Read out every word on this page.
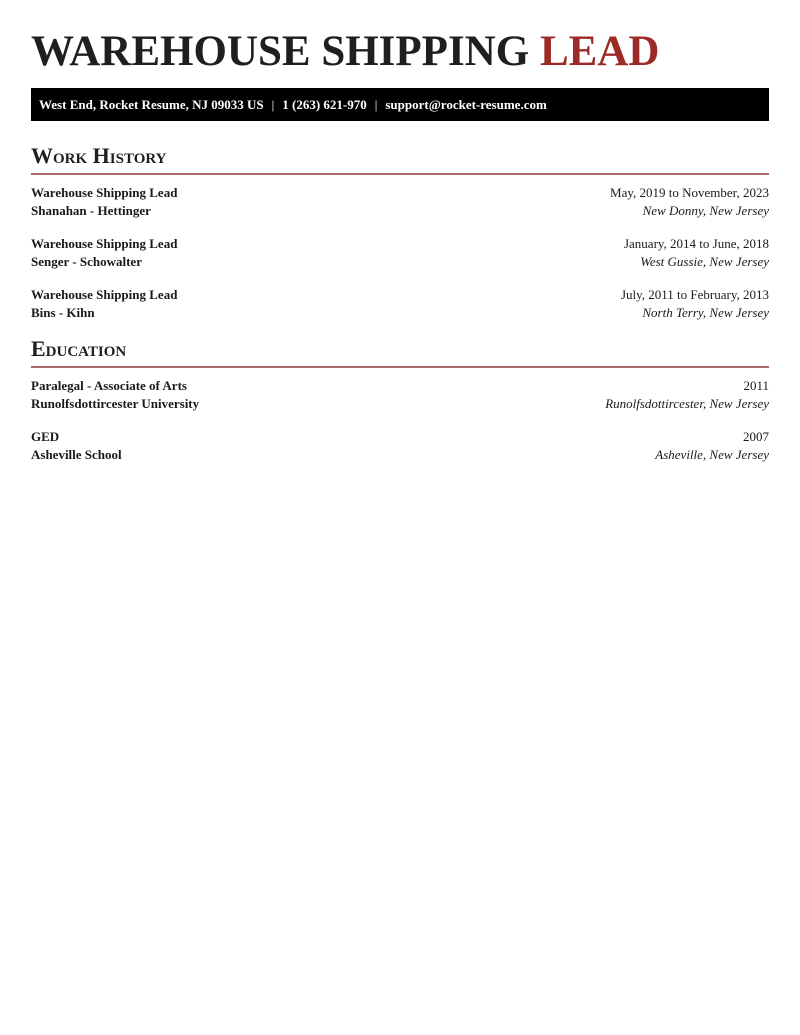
WAREHOUSE SHIPPING LEAD
West End, Rocket Resume, NJ 09033 US | 1 (263) 621-970 | support@rocket-resume.com
Work History
Warehouse Shipping Lead	May, 2019 to November, 2023
Shanahan - Hettinger	New Donny, New Jersey
Warehouse Shipping Lead	January, 2014 to June, 2018
Senger - Schowalter	West Gussie, New Jersey
Warehouse Shipping Lead	July, 2011 to February, 2013
Bins - Kihn	North Terry, New Jersey
Education
Paralegal - Associate of Arts	2011
Runolfsdottircester University	Runolfsdottircester, New Jersey
GED	2007
Asheville School	Asheville, New Jersey
